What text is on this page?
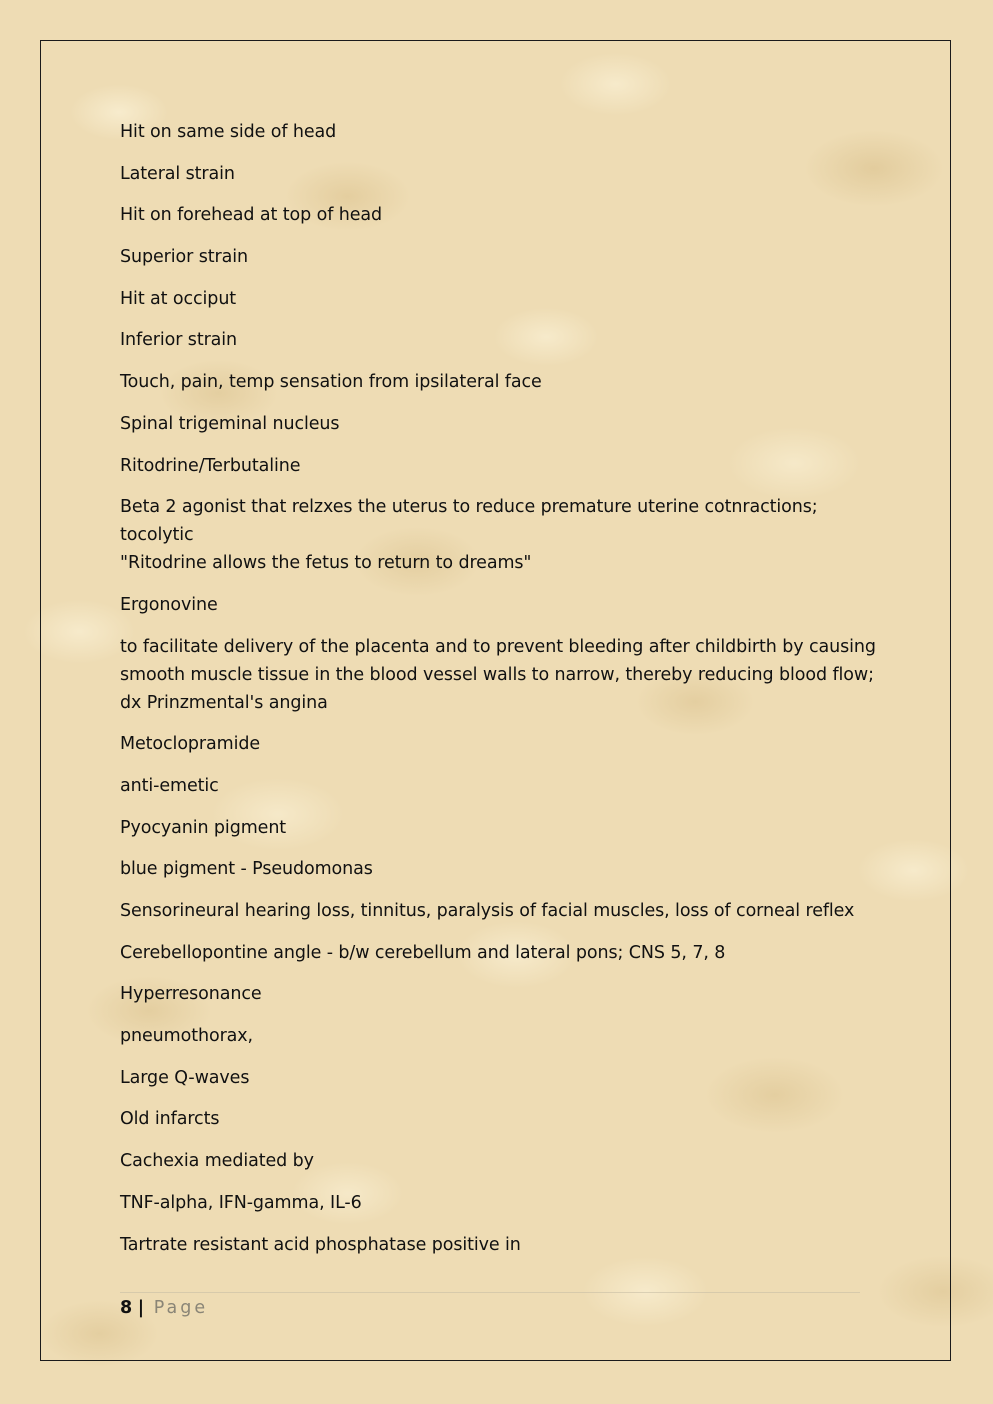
Hit on same side of head

Lateral strain

Hit on forehead at top of head

Superior strain

Hit at occiput

Inferior strain

Touch, pain, temp sensation from ipsilateral face

Spinal trigeminal nucleus

Ritodrine/Terbutaline

Beta 2 agonist that relzxes the uterus to reduce premature uterine cotnractions;
tocolytic
"Ritodrine allows the fetus to return to dreams"

Ergonovine

to facilitate delivery of the placenta and to prevent bleeding after childbirth by causing
smooth muscle tissue in the blood vessel walls to narrow, thereby reducing blood flow;
dx Prinzmental's angina

Metoclopramide

anti-emetic

Pyocyanin pigment

blue pigment - Pseudomonas

Sensorineural hearing loss, tinnitus, paralysis of facial muscles, loss of corneal reflex

Cerebellopontine angle - b/w cerebellum and lateral pons; CNS 5, 7, 8

Hyperresonance

pneumothorax,

Large Q-waves

Old infarcts

Cachexia mediated by

TNF-alpha, IFN-gamma, IL-6

Tartrate resistant acid phosphatase positive in

8 | Page
